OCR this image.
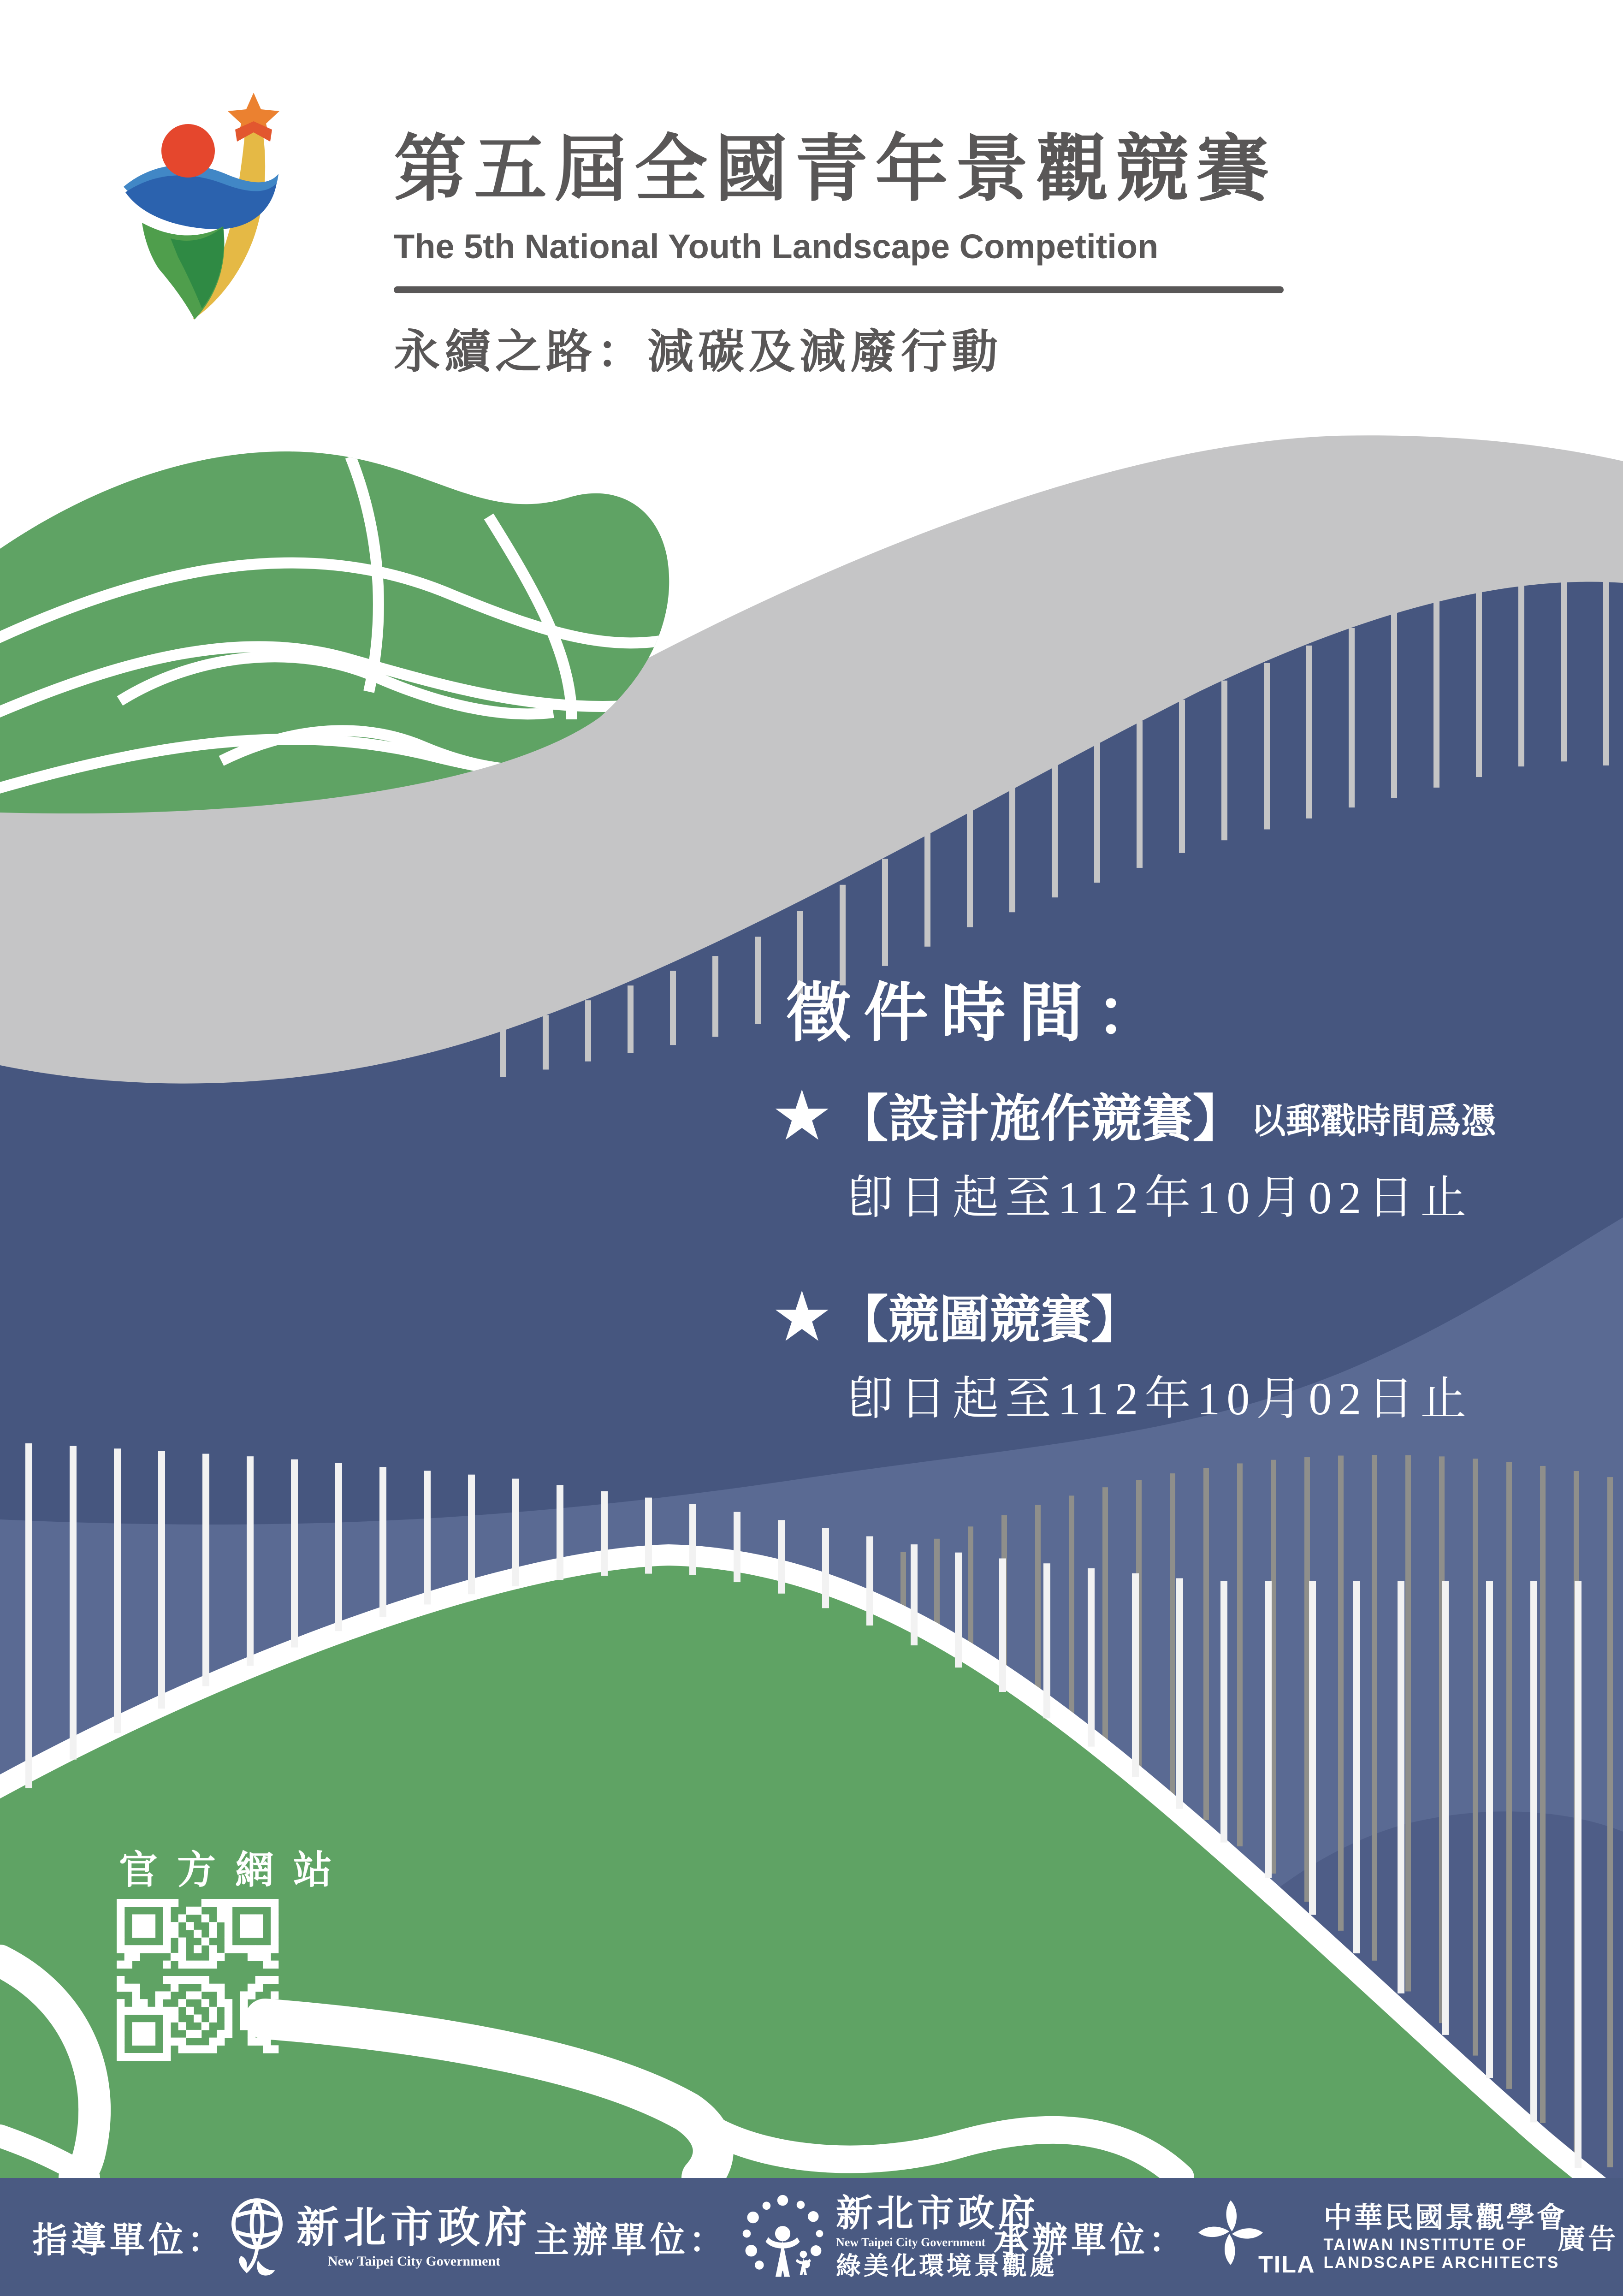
第五屆全國青年景觀競賽
The 5th National Youth Landscape Competition
永續之路：減碳及減廢行動
徵件時間：
★ 【設計施作競賽】 以郵戳時間爲憑
卽日起至112年10月02日止
★ 【競圖競賽】
卽日起至112年10月02日止
官方網站
指導單位： 新北市政府
New Taipei City Government
主辦單位：
新北市政府
New Taipei City Government
綠美化環境景觀處
承辦單位：
TILA
中華民國景觀學會
TAIWAN INSTITUTE OF
LANDSCAPE ARCHITECTS
廣告
